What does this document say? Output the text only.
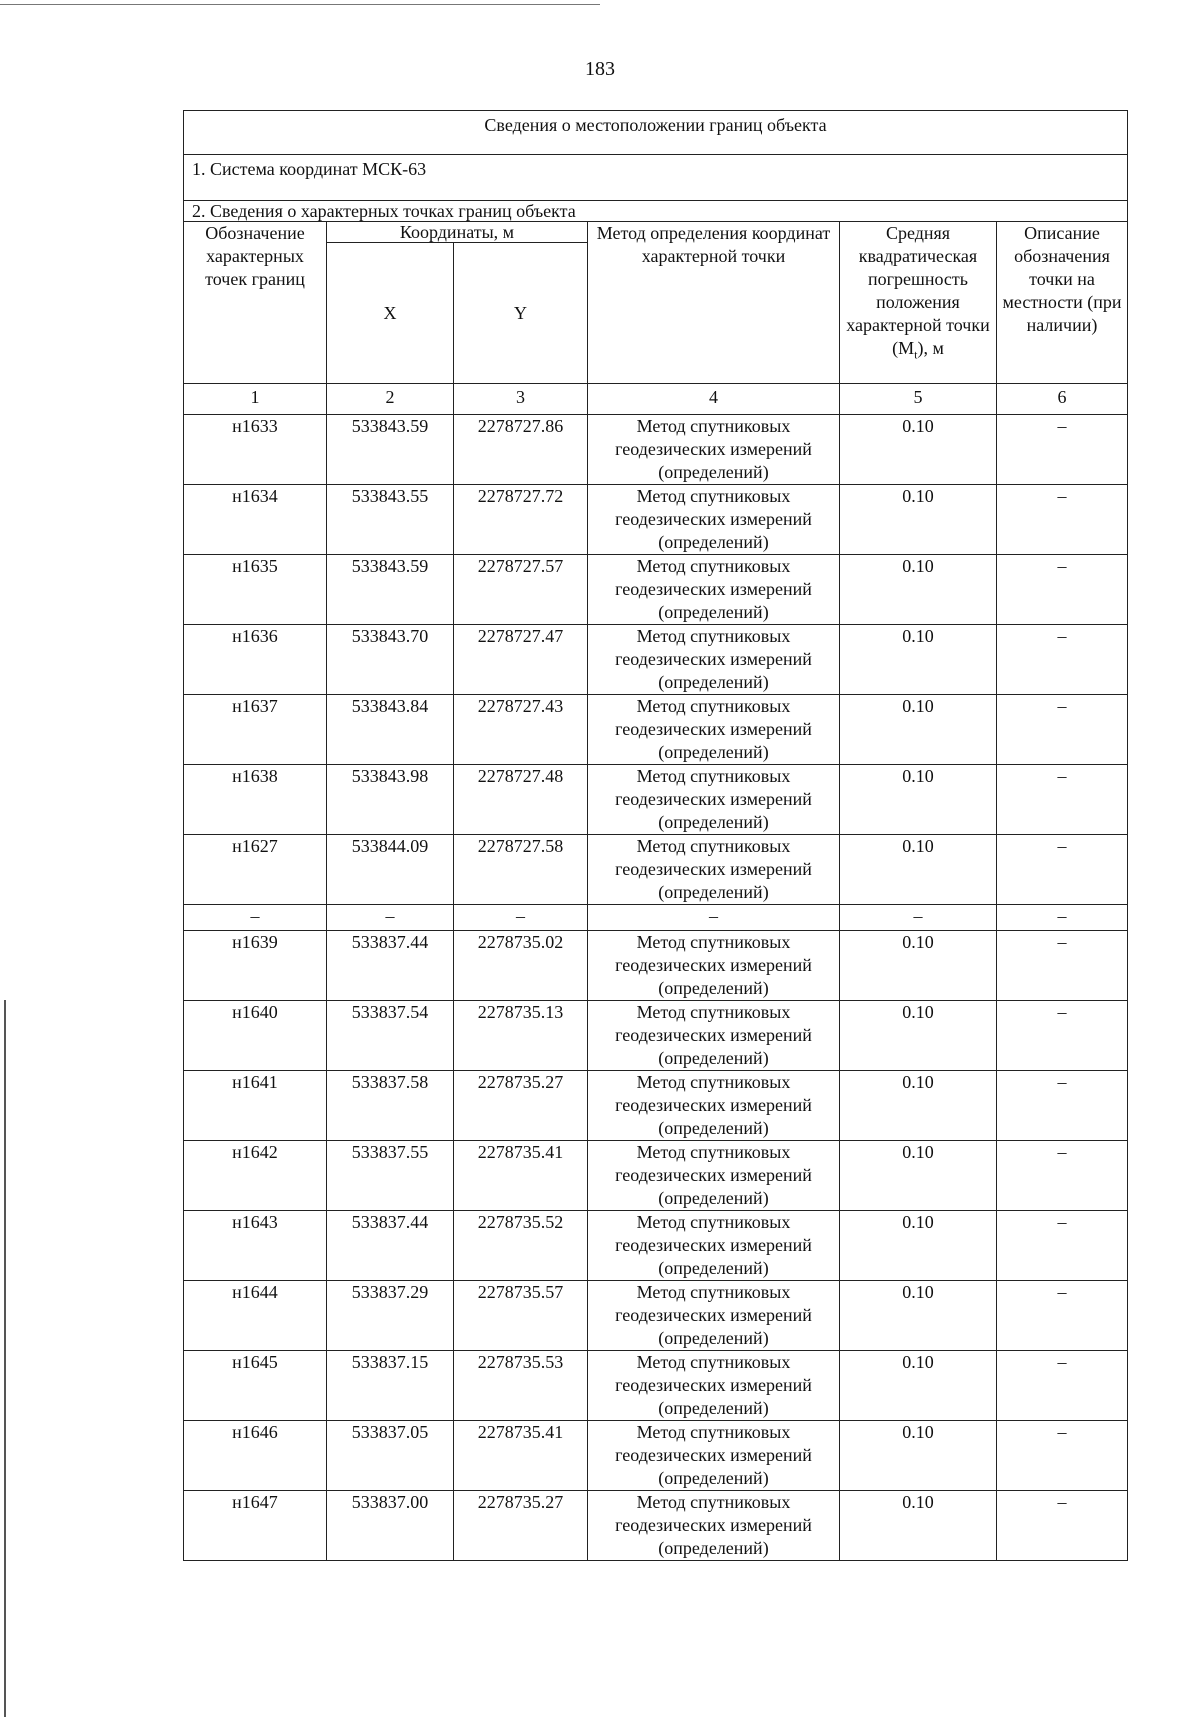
183
Сведения о местоположении границ объекта					
1. Система координат МСК-63					
2. Сведения о характерных точках границ объекта					
Обозначение характерных точек границ	Координаты, м		Метод определения координат характерной точки	Средняя квадратическая погрешность положения характерной точки $(M_t)$, м	Описание обозначения точки на местности (при наличии)
	X	Y			
1	2	3	4	5	6
н1633	533843.59	2278727.86	Метод спутниковых геодезических измерений (определений)	0.10	–
н1634	533843.55	2278727.72	Метод спутниковых геодезических измерений (определений)	0.10	–
н1635	533843.59	2278727.57	Метод спутниковых геодезических измерений (определений)	0.10	–
н1636	533843.70	2278727.47	Метод спутниковых геодезических измерений (определений)	0.10	–
н1637	533843.84	2278727.43	Метод спутниковых геодезических измерений (определений)	0.10	–
н1638	533843.98	2278727.48	Метод спутниковых геодезических измерений (определений)	0.10	–
н1627	533844.09	2278727.58	Метод спутниковых геодезических измерений (определений)	0.10	–
–	–	–	–	–	–
н1639	533837.44	2278735.02	Метод спутниковых геодезических измерений (определений)	0.10	–
н1640	533837.54	2278735.13	Метод спутниковых геодезических измерений (определений)	0.10	–
н1641	533837.58	2278735.27	Метод спутниковых геодезических измерений (определений)	0.10	–
н1642	533837.55	2278735.41	Метод спутниковых геодезических измерений (определений)	0.10	–
н1643	533837.44	2278735.52	Метод спутниковых геодезических измерений (определений)	0.10	–
н1644	533837.29	2278735.57	Метод спутниковых геодезических измерений (определений)	0.10	–
н1645	533837.15	2278735.53	Метод спутниковых геодезических измерений (определений)	0.10	–
н1646	533837.05	2278735.41	Метод спутниковых геодезических измерений (определений)	0.10	–
н1647	533837.00	2278735.27	Метод спутниковых геодезических измерений (определений)	0.10	–
